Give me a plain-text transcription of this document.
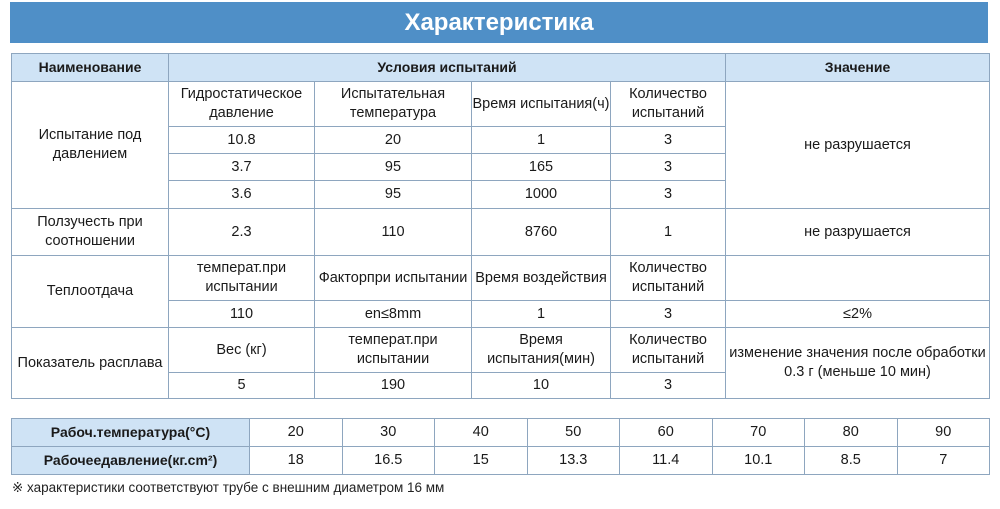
Характеристика
Наименование	Условия испытаний				Значение
Испытание под давлением	Гидростатическое давление	Испытательная температура	Время испытания(ч)	Количество испытаний	не разрушается
	10.8	20	1	3	
	3.7	95	165	3	
	3.6	95	1000	3	
Ползучесть при соотношении	2.3	110	8760	1	не разрушается
Теплоотдача	температ.при испытании	Факторпри испытании	Время воздействия	Количество испытаний	
	110	en≤8mm	1	3	≤2%
Показатель расплава	Вес (кг)	температ.при испытании	Время испытания(мин)	Количество испытаний	изменение значения после обработки 0.3 г (меньше 10 мин)
	5	190	10	3	
Рабоч.температура(°C)	20	30	40	50	60	70	80	90
Рабочеедавление(кг.cm²)	18	16.5	15	13.3	11.4	10.1	8.5	7
※ характеристики соответствуют трубе с внешним диаметром 16 мм
